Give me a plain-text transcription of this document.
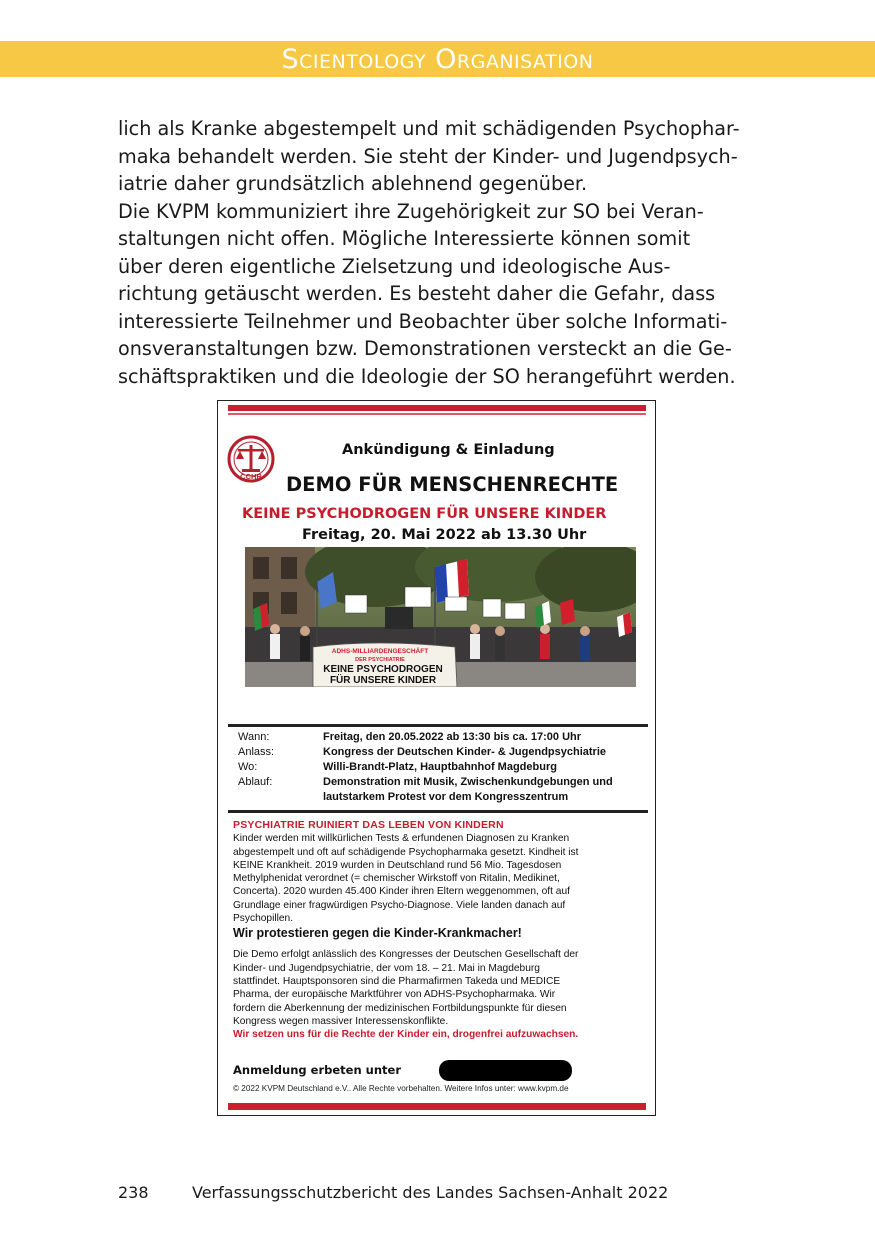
Scientology Organisation
lich als Kranke abgestempelt und mit schädigenden Psychophar-
maka behandelt werden. Sie steht der Kinder- und Jugendpsych-
iatrie daher grundsätzlich ablehnend gegenüber.
Die KVPM kommuniziert ihre Zugehörigkeit zur SO bei Veran-
staltungen nicht offen. Mögliche Interessierte können somit
über deren eigentliche Zielsetzung und ideologische Aus-
richtung getäuscht werden. Es besteht daher die Gefahr, dass
interessierte Teilnehmer und Beobachter über solche Informati-
onsveranstaltungen bzw. Demonstrationen versteckt an die Ge-
schäftspraktiken und die Ideologie der SO herangeführt werden.
CCHR
Ankündigung & Einladung
DEMO FÜR MENSCHENRECHTE
KEINE PSYCHODROGEN FÜR UNSERE KINDER
Freitag, 20. Mai 2022 ab 13.30 Uhr
ADHS-MILLIARDENGESCHÄFT
DER PSYCHIATRIE
KEINE PSYCHODROGEN
FÜR UNSERE KINDER
Wann:	Freitag, den 20.05.2022 ab 13:30 bis ca. 17:00 Uhr
Anlass:	Kongress der Deutschen Kinder- & Jugendpsychiatrie
Wo:	Willi-Brandt-Platz, Hauptbahnhof Magdeburg
Ablauf:	Demonstration mit Musik, Zwischenkundgebungen und
lautstarkem Protest vor dem Kongresszentrum
PSYCHIATRIE RUINIERT DAS LEBEN VON KINDERN
Kinder werden mit willkürlichen Tests & erfundenen Diagnosen zu Kranken
abgestempelt und oft auf schädigende Psychopharmaka gesetzt. Kindheit ist
KEINE Krankheit. 2019 wurden in Deutschland rund 56 Mio. Tagesdosen
Methylphenidat verordnet (= chemischer Wirkstoff von Ritalin, Medikinet,
Concerta). 2020 wurden 45.400 Kinder ihren Eltern weggenommen, oft auf
Grundlage einer fragwürdigen Psycho-Diagnose. Viele landen danach auf
Psychopillen.
Wir protestieren gegen die Kinder-Krankmacher!
Die Demo erfolgt anlässlich des Kongresses der Deutschen Gesellschaft der
Kinder- und Jugendpsychiatrie, der vom 18. – 21. Mai in Magdeburg
stattfindet. Hauptsponsoren sind die Pharmafirmen Takeda und MEDICE
Pharma, der europäische Marktführer von ADHS-Psychopharmaka. Wir
fordern die Aberkennung der medizinischen Fortbildungspunkte für diesen
Kongress wegen massiver Interessenskonflikte.
Wir setzen uns für die Rechte der Kinder ein, drogenfrei aufzuwachsen.
Anmeldung erbeten unter
© 2022 KVPM Deutschland e.V.. Alle Rechte vorbehalten. Weitere Infos unter: www.kvpm.de
238	Verfassungsschutzbericht des Landes Sachsen-Anhalt 2022
